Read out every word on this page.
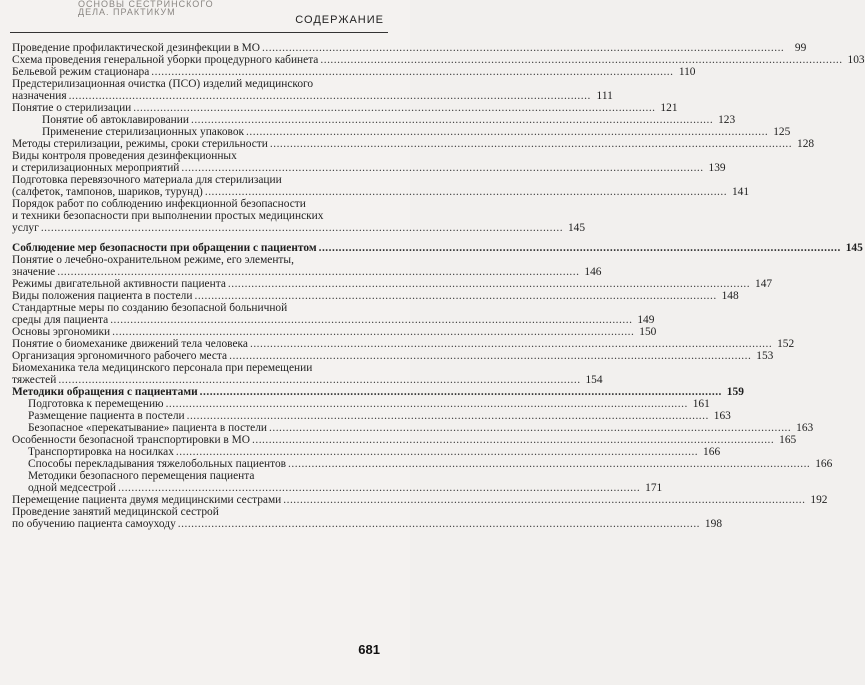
ОСНОВЫ СЕСТРИНСКОГО ДЕЛА. ПРАКТИКУМ
СОДЕРЖАНИЕ
Проведение профилактической дезинфекции в МО .....	99
Схема проведения генеральной уборки процедурного кабинета .....	103
Бельевой режим стационара .....	110
Предстерилизационная очистка (ПСО) изделий медицинского
назначения .....	111
Понятие о стерилизации .....	121
Понятие об автоклавировании .....	123
Применение стерилизационных упаковок .....	125
Методы стерилизации, режимы, сроки стерильности .....	128
Виды контроля проведения дезинфекционных
и стерилизационных мероприятий .....	139
Подготовка перевязочного материала для стерилизации
(салфеток, тампонов, шариков, турунд) .....	141
Порядок работ по соблюдению инфекционной безопасности
и техники безопасности при выполнении простых медицинских
услуг .....	145
Соблюдение мер безопасности при обращении с пациентом .....	145
Понятие о лечебно-охранительном режиме, его элементы,
значение .....	146
Режимы двигательной активности пациента .....	147
Виды положения пациента в постели .....	148
Стандартные меры по созданию безопасной больничной
среды для пациента .....	149
Основы эргономики .....	150
Понятие о биомеханике движений тела человека .....	152
Организация эргономичного рабочего места .....	153
Биомеханика тела медицинского персонала при перемещении
тяжестей .....	154
Методики обращения с пациентами .....	159
Подготовка к перемещению .....	161
Размещение пациента в постели .....	163
Безопасное «перекатывание» пациента в постели .....	163
Особенности безопасной транспортировки в МО .....	165
Транспортировка на носилках .....	166
Способы перекладывания тяжелобольных пациентов .....	166
Методики безопасного перемещения пациента
одной медсестрой .....	171
Перемещение пациента двумя медицинскими сестрами .....	192
Проведение занятий медицинской сестрой
по обучению пациента самоуходу .....	198
681
